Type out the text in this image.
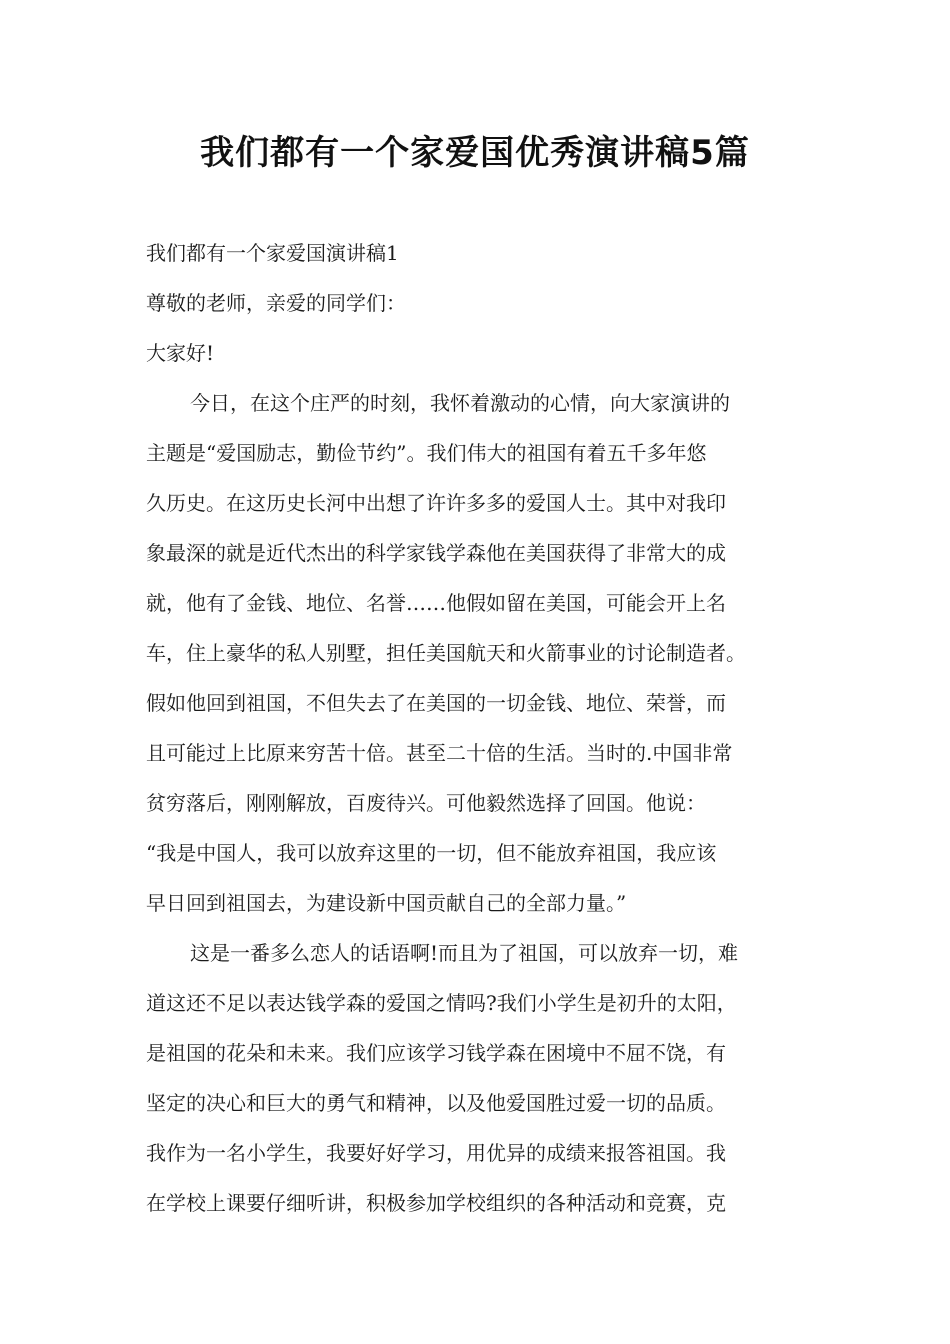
我们都有一个家爱国优秀演讲稿5篇

我们都有一个家爱国演讲稿1

尊敬的老师，亲爱的同学们：

大家好!

今日，在这个庄严的时刻，我怀着激动的心情，向大家演讲的
主题是“爱国励志，勤俭节约”。我们伟大的祖国有着五千多年悠
久历史。在这历史长河中出想了许许多多的爱国人士。其中对我印
象最深的就是近代杰出的科学家钱学森他在美国获得了非常大的成
就，他有了金钱、地位、名誉……他假如留在美国，可能会开上名
车，住上豪华的私人别墅，担任美国航天和火箭事业的讨论制造者。
假如他回到祖国，不但失去了在美国的一切金钱、地位、荣誉，而
且可能过上比原来穷苦十倍。甚至二十倍的生活。当时的.中国非常
贫穷落后，刚刚解放，百废待兴。可他毅然选择了回国。他说：
“我是中国人，我可以放弃这里的一切，但不能放弃祖国，我应该
早日回到祖国去，为建设新中国贡献自己的全部力量。”
这是一番多么恋人的话语啊!而且为了祖国，可以放弃一切，难
道这还不足以表达钱学森的爱国之情吗?我们小学生是初升的太阳，
是祖国的花朵和未来。我们应该学习钱学森在困境中不屈不饶，有
坚定的决心和巨大的勇气和精神，以及他爱国胜过爱一切的品质。
我作为一名小学生，我要好好学习，用优异的成绩来报答祖国。我
在学校上课要仔细听讲，积极参加学校组织的各种活动和竞赛，克
